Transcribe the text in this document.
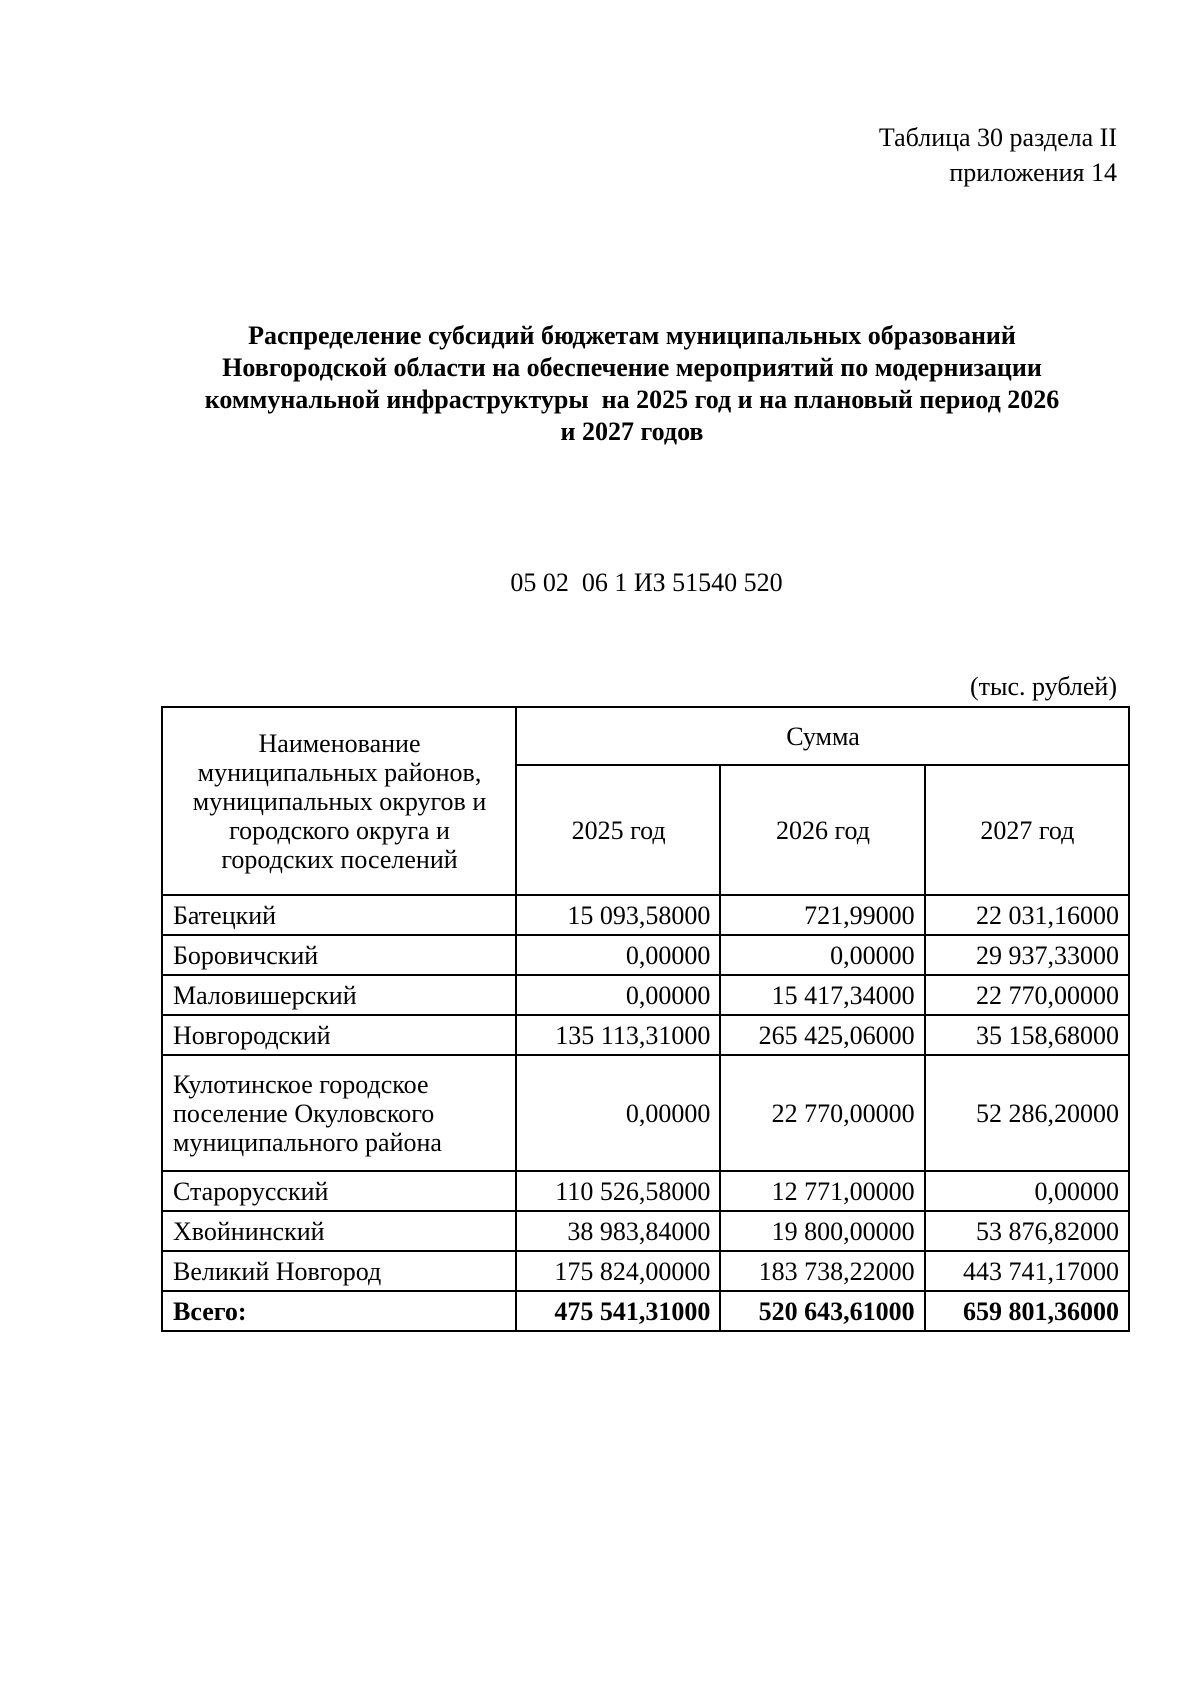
Таблица 30 раздела II
приложения 14
Распределение субсидий бюджетам муниципальных образований
Новгородской области на обеспечение мероприятий по модернизации
коммунальной инфраструктуры  на 2025 год и на плановый период 2026
и 2027 годов
05 02  06 1 ИЗ 51540 520
(тыс. рублей)
Наименование муниципальных районов, муниципальных округов и городского округа и городских поселений	Сумма		
	2025 год	2026 год	2027 год
Батецкий	15 093,58000	721,99000	22 031,16000
Боровичский	0,00000	0,00000	29 937,33000
Маловишерский	0,00000	15 417,34000	22 770,00000
Новгородский	135 113,31000	265 425,06000	35 158,68000
Кулотинское городское поселение Окуловского муниципального района	0,00000	22 770,00000	52 286,20000
Старорусский	110 526,58000	12 771,00000	0,00000
Хвойнинский	38 983,84000	19 800,00000	53 876,82000
Великий Новгород	175 824,00000	183 738,22000	443 741,17000
Всего:	475 541,31000	520 643,61000	659 801,36000
